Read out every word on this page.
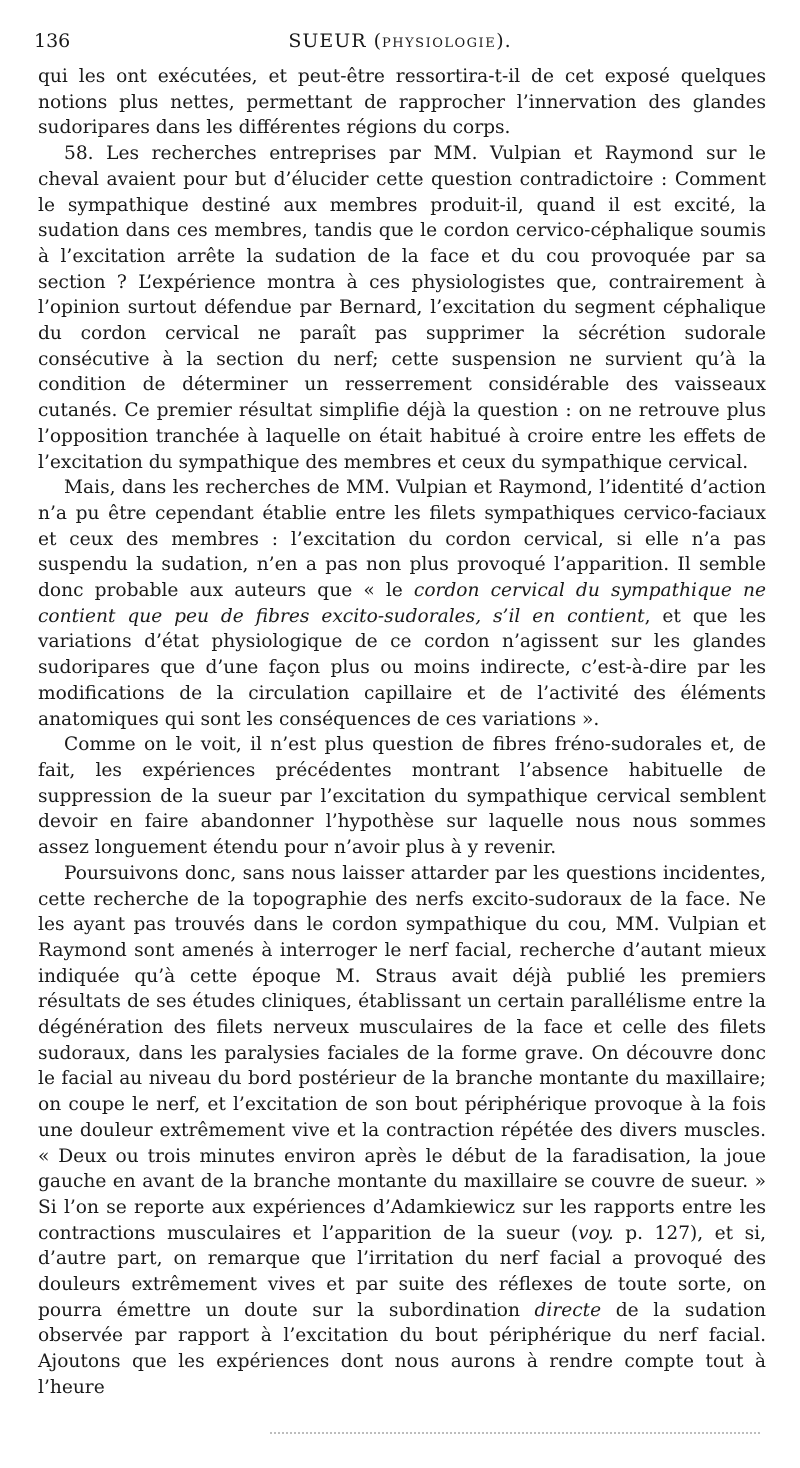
136	SUEUR (PHYSIOLOGIE).

qui les ont exécutées, et peut-être ressortira-t-il de cet exposé quelques notions plus nettes, permettant de rapprocher l’innervation des glandes sudoripares dans les différentes régions du corps.

58. Les recherches entreprises par MM. Vulpian et Raymond sur le cheval avaient pour but d’élucider cette question contradictoire : Comment le sympathique destiné aux membres produit-il, quand il est excité, la sudation dans ces membres, tandis que le cordon cervico-céphalique soumis à l’excitation arrête la sudation de la face et du cou provoquée par sa section ? L’expérience montra à ces physiologistes que, contrairement à l’opinion surtout défendue par Bernard, l’excitation du segment céphalique du cordon cervical ne paraît pas supprimer la sécrétion sudorale consécutive à la section du nerf; cette suspension ne survient qu’à la condition de déterminer un resserrement considérable des vaisseaux cutanés. Ce premier résultat simplifie déjà la question : on ne retrouve plus l’opposition tranchée à laquelle on était habitué à croire entre les effets de l’excitation du sympathique des membres et ceux du sympathique cervical.

Mais, dans les recherches de MM. Vulpian et Raymond, l’identité d’action n’a pu être cependant établie entre les filets sympathiques cervico-faciaux et ceux des membres : l’excitation du cordon cervical, si elle n’a pas suspendu la sudation, n’en a pas non plus provoqué l’apparition. Il semble donc probable aux auteurs que « le cordon cervical du sympathique ne contient que peu de fibres excito-sudorales, s’il en contient, et que les variations d’état physiologique de ce cordon n’agissent sur les glandes sudoripares que d’une façon plus ou moins indirecte, c’est-à-dire par les modifications de la circulation capillaire et de l’activité des éléments anatomiques qui sont les conséquences de ces variations ».

Comme on le voit, il n’est plus question de fibres fréno-sudorales et, de fait, les expériences précédentes montrant l’absence habituelle de suppression de la sueur par l’excitation du sympathique cervical semblent devoir en faire abandonner l’hypothèse sur laquelle nous nous sommes assez longuement étendu pour n’avoir plus à y revenir.

Poursuivons donc, sans nous laisser attarder par les questions incidentes, cette recherche de la topographie des nerfs excito-sudoraux de la face. Ne les ayant pas trouvés dans le cordon sympathique du cou, MM. Vulpian et Raymond sont amenés à interroger le nerf facial, recherche d’autant mieux indiquée qu’à cette époque M. Straus avait déjà publié les premiers résultats de ses études cliniques, établissant un certain parallélisme entre la dégénération des filets nerveux musculaires de la face et celle des filets sudoraux, dans les paralysies faciales de la forme grave. On découvre donc le facial au niveau du bord postérieur de la branche montante du maxillaire; on coupe le nerf, et l’excitation de son bout périphérique provoque à la fois une douleur extrêmement vive et la contraction répétée des divers muscles. « Deux ou trois minutes environ après le début de la faradisation, la joue gauche en avant de la branche montante du maxillaire se couvre de sueur. » Si l’on se reporte aux expériences d’Adamkiewicz sur les rapports entre les contractions musculaires et l’apparition de la sueur (voy. p. 127), et si, d’autre part, on remarque que l’irritation du nerf facial a provoqué des douleurs extrêmement vives et par suite des réflexes de toute sorte, on pourra émettre un doute sur la subordination directe de la sudation observée par rapport à l’excitation du bout périphérique du nerf facial. Ajoutons que les expériences dont nous aurons à rendre compte tout à l’heure
